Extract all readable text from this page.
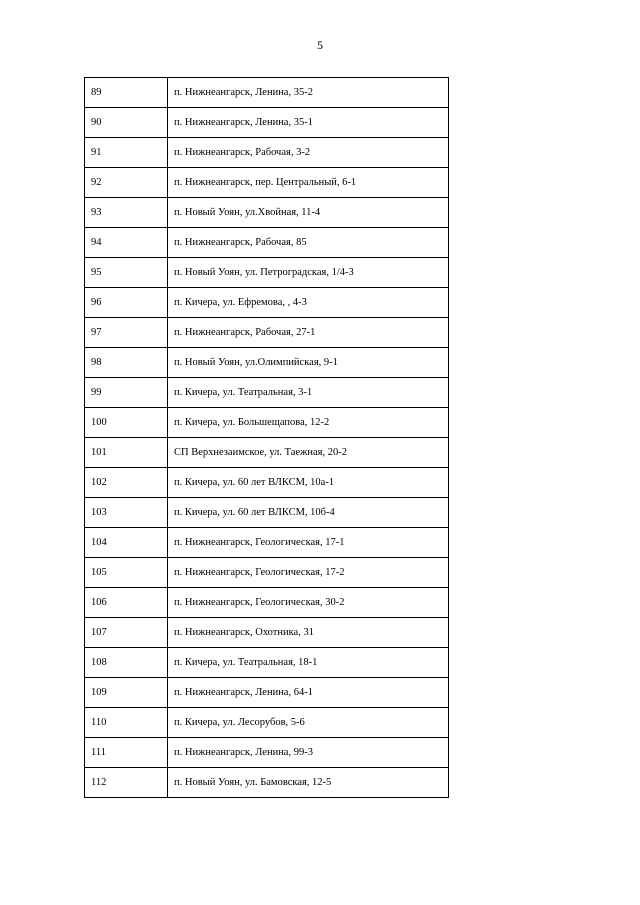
5
89	п. Нижнеангарск, Ленина, 35-2
90	п. Нижнеангарск, Ленина, 35-1
91	п. Нижнеангарск, Рабочая, 3-2
92	п. Нижнеангарск, пер. Центральный, 6-1
93	п. Новый Уоян, ул.Хвойная, 11-4
94	п. Нижнеангарск, Рабочая, 85
95	п. Новый Уоян, ул. Петроградская, 1/4-3
96	п. Кичера, ул. Ефремова, , 4-3
97	п. Нижнеангарск, Рабочая, 27-1
98	п. Новый Уоян, ул.Олимпийская, 9-1
99	п. Кичера, ул. Театральная, 3-1
100	п. Кичера, ул. Большещапова, 12-2
101	СП Верхнезаимское, ул. Таежная, 20-2
102	п. Кичера, ул. 60 лет ВЛКСМ, 10а-1
103	п. Кичера, ул. 60 лет ВЛКСМ, 10б-4
104	п. Нижнеангарск, Геологическая, 17-1
105	п. Нижнеангарск, Геологическая, 17-2
106	п. Нижнеангарск, Геологическая, 30-2
107	п. Нижнеангарск, Охотника, 31
108	п. Кичера, ул. Театральная, 18-1
109	п. Нижнеангарск, Ленина, 64-1
110	п. Кичера, ул. Лесорубов, 5-6
111	п. Нижнеангарск, Ленина, 99-3
112	п. Новый Уоян, ул. Бамовская, 12-5
